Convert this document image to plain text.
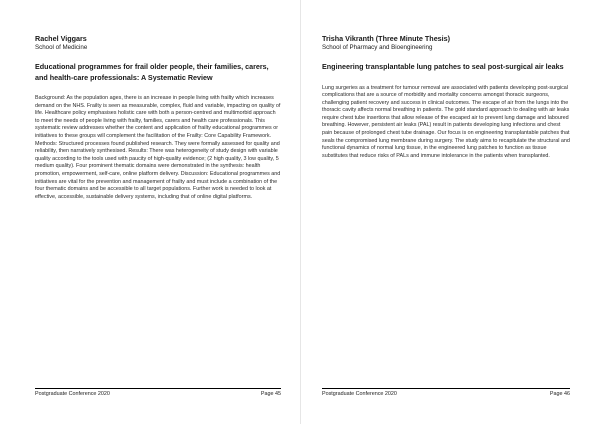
Rachel Viggars

School of Medicine

Educational programmes for frail older people, their families, carers, and health-care professionals: A Systematic Review

Background: As the population ages, there is an increase in people living with frailty which increases demand on the NHS. Frailty is seen as measurable, complex, fluid and variable, impacting on quality of life. Healthcare policy emphasises holistic care with both a person-centred and multimorbid approach to meet the needs of people living with frailty, families, carers and health care professionals. This systematic review addresses whether the content and application of frailty educational programmes or initiatives to these groups will complement the facilitation of the Frailty: Core Capability Framework. Methods: Structured processes found published research. They were formally assessed for quality and reliability, then narratively synthesised. Results: There was heterogeneity of study design with variable quality according to the tools used with paucity of high-quality evidence; (2 high quality, 3 low quality, 5 medium quality). Four prominent thematic domains were demonstrated in the synthesis: health promotion, empowerment, self-care, online platform delivery. Discussion: Educational programmes and initiatives are vital for the prevention and management of frailty and must include a combination of the four thematic domains and be accessible to all target populations. Further work is needed to look at effective, accessible, sustainable delivery systems, including that of online digital platforms.

Postgraduate Conference 2020	Page 45

Trisha Vikranth (Three Minute Thesis)

School of Pharmacy and Bioengineering

Engineering transplantable lung patches to seal post-surgical air leaks

Lung surgeries as a treatment for tumour removal are associated with patients developing post-surgical complications that are a source of morbidity and mortality concerns amongst thoracic surgeons, challenging patient recovery and success in clinical outcomes. The escape of air from the lungs into the thoracic cavity affects normal breathing in patients. The gold standard approach to dealing with air leaks require chest tube insertions that allow release of the escaped air to prevent lung damage and laboured breathing. However, persistent air leaks (PAL) result in patients developing lung infections and chest pain because of prolonged chest tube drainage. Our focus is on engineering transplantable patches that seals the compromised lung membrane during surgery. The study aims to recapitulate the structural and functional dynamics of normal lung tissue, in the engineered lung patches to function as tissue substitutes that reduce risks of PALs and immune intolerance in the patients when transplanted.

Postgraduate Conference 2020	Page 46
